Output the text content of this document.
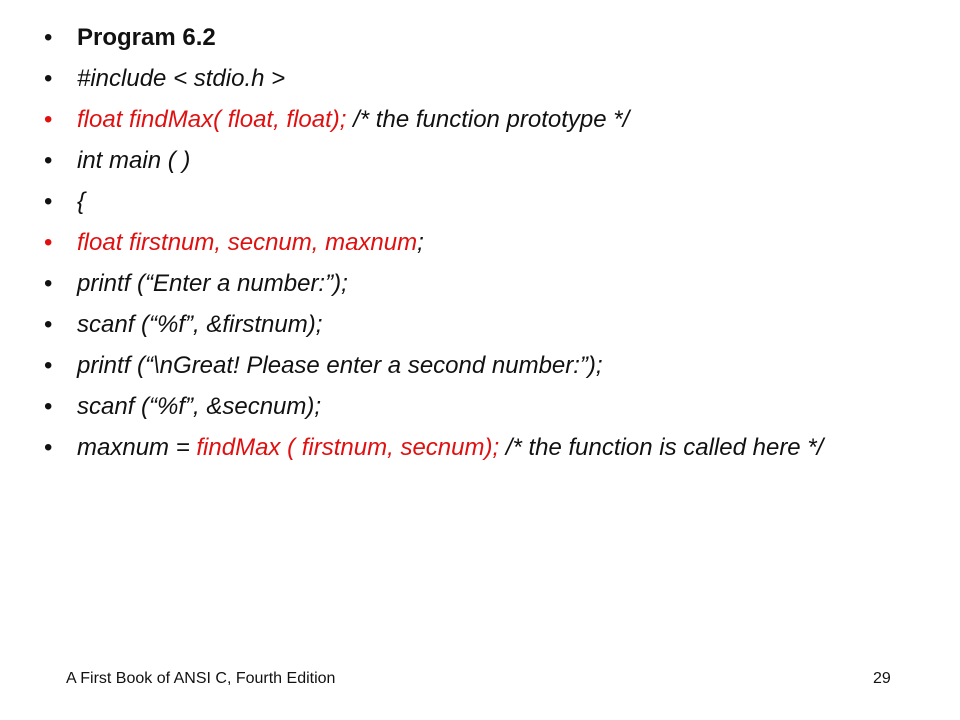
•	Program 6.2
•	#include < stdio.h >
•	float findMax( float, float); /* the function prototype */
•	int main ( )
•	{
•	float firstnum, secnum, maxnum;
•	printf (“Enter a number:”);
•	scanf (“%f”, &firstnum);
•	printf (“\nGreat! Please enter a second number:”);
•	scanf (“%f”, &secnum);
•	maxnum = findMax ( firstnum, secnum); /* the function is called here */
A First Book of ANSI C, Fourth Edition	29
